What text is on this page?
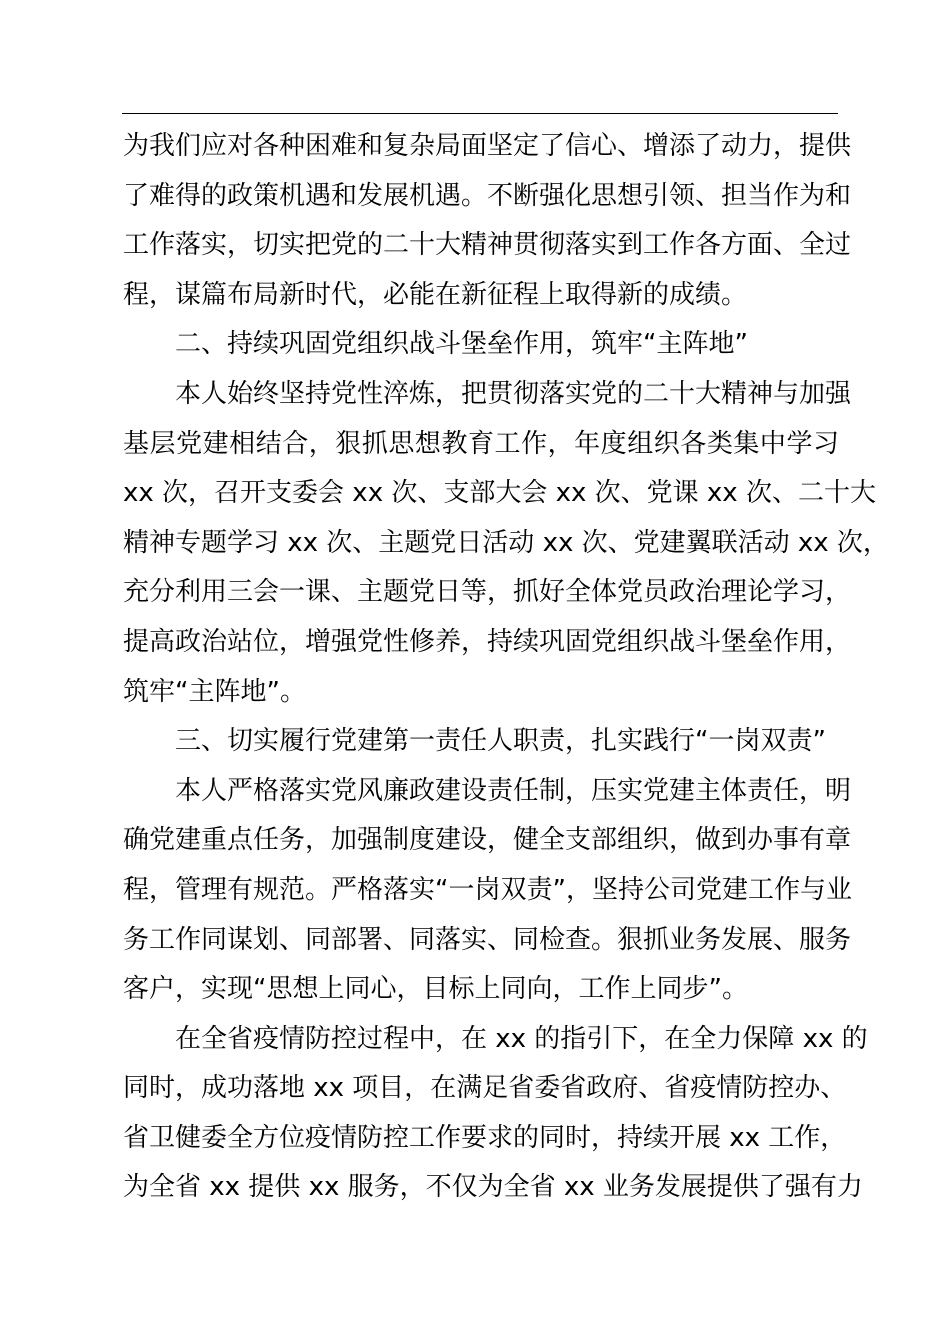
为我们应对各种困难和复杂局面坚定了信心、增添了动力，提供
了难得的政策机遇和发展机遇。不断强化思想引领、担当作为和
工作落实，切实把党的二十大精神贯彻落实到工作各方面、全过
程，谋篇布局新时代，必能在新征程上取得新的成绩。
二、持续巩固党组织战斗堡垒作用，筑牢“主阵地”
本人始终坚持党性淬炼，把贯彻落实党的二十大精神与加强
基层党建相结合，狠抓思想教育工作，年度组织各类集中学习
xx 次，召开支委会 xx 次、支部大会 xx 次、党课 xx 次、二十大
精神专题学习 xx 次、主题党日活动 xx 次、党建翼联活动 xx 次，
充分利用三会一课、主题党日等，抓好全体党员政治理论学习，
提高政治站位，增强党性修养，持续巩固党组织战斗堡垒作用，
筑牢“主阵地”。
三、切实履行党建第一责任人职责，扎实践行“一岗双责”
本人严格落实党风廉政建设责任制，压实党建主体责任，明
确党建重点任务，加强制度建设，健全支部组织，做到办事有章
程，管理有规范。严格落实“一岗双责”，坚持公司党建工作与业
务工作同谋划、同部署、同落实、同检查。狠抓业务发展、服务
客户，实现“思想上同心，目标上同向，工作上同步”。
在全省疫情防控过程中，在 xx 的指引下，在全力保障 xx 的
同时，成功落地 xx 项目，在满足省委省政府、省疫情防控办、
省卫健委全方位疫情防控工作要求的同时，持续开展 xx 工作，
为全省 xx 提供 xx 服务，不仅为全省 xx 业务发展提供了强有力
